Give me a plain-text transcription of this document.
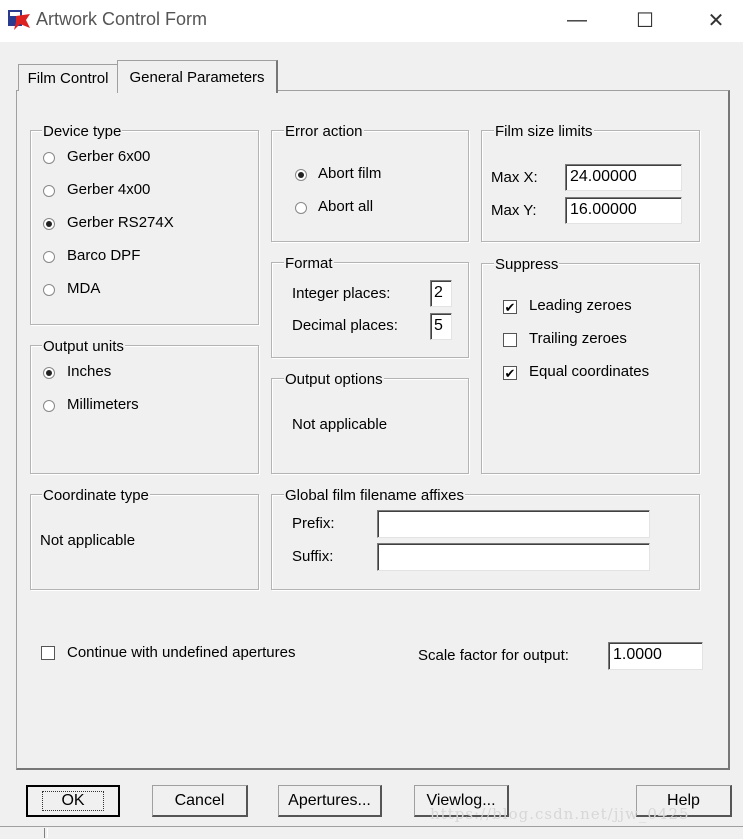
Artwork Control Form	— ☐	✕
Film Control General Parameters
Device type
Gerber 6x00
Gerber 4x00
Gerber RS274X
Barco DPF
MDA
Output units
Inches
Millimeters
Coordinate type
Not applicable
Error action
Abort film
Abort all
Format
Integer places:	2
Decimal places: 5
Output options
Not applicable
Film size limits
Max X:	24.00000
Max Y:	16.00000
Suppress
✔ Leading zeroes
Trailing zeroes
✔ Equal coordinates
Global film filename affixes
Prefix:
Suffix:
Continue with undefined apertures	Scale factor for output:	1.0000
OK	Cancel	Apertures...	Viewlog...	Help
https://blog.csdn.net/jjw_0425
